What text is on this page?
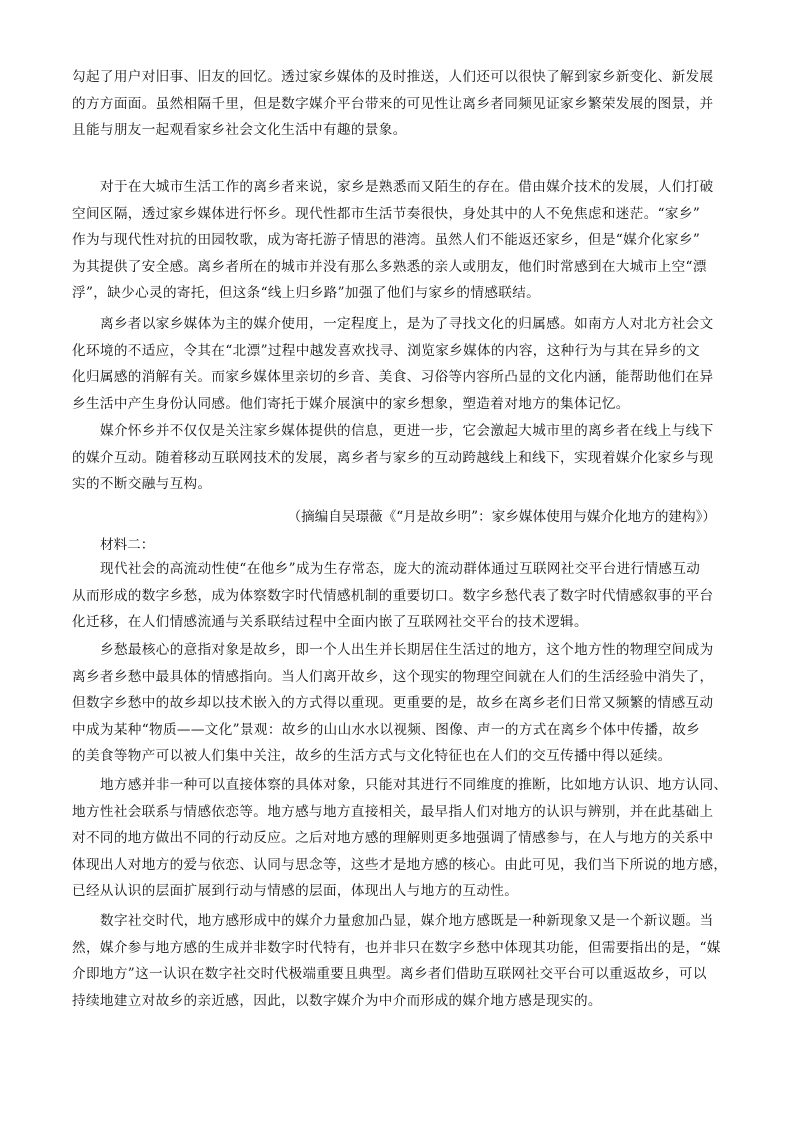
勾起了用户对旧事、旧友的回忆。透过家乡媒体的及时推送，人们还可以很快了解到家乡新变化、新发展
的方方面面。虽然相隔千里，但是数字媒介平台带来的可见性让离乡者同频见证家乡繁荣发展的图景，并
且能与朋友一起观看家乡社会文化生活中有趣的景象。
对于在大城市生活工作的离乡者来说，家乡是熟悉而又陌生的存在。借由媒介技术的发展，人们打破
空间区隔，透过家乡媒体进行怀乡。现代性都市生活节奏很快，身处其中的人不免焦虑和迷茫。“家乡”
作为与现代性对抗的田园牧歌，成为寄托游子情思的港湾。虽然人们不能返还家乡，但是“媒介化家乡”
为其提供了安全感。离乡者所在的城市并没有那么多熟悉的亲人或朋友，他们时常感到在大城市上空“漂
浮”，缺少心灵的寄托，但这条“线上归乡路”加强了他们与家乡的情感联结。
离乡者以家乡媒体为主的媒介使用，一定程度上，是为了寻找文化的归属感。如南方人对北方社会文
化环境的不适应，令其在“北漂”过程中越发喜欢找寻、浏览家乡媒体的内容，这种行为与其在异乡的文
化归属感的消解有关。而家乡媒体里亲切的乡音、美食、习俗等内容所凸显的文化内涵，能帮助他们在异
乡生活中产生身份认同感。他们寄托于媒介展演中的家乡想象，塑造着对地方的集体记忆。
媒介怀乡并不仅仅是关注家乡媒体提供的信息，更进一步，它会激起大城市里的离乡者在线上与线下
的媒介互动。随着移动互联网技术的发展，离乡者与家乡的互动跨越线上和线下，实现着媒介化家乡与现
实的不断交融与互构。
（摘编自吴璟薇《“月是故乡明”：家乡媒体使用与媒介化地方的建构》）
材料二：
现代社会的高流动性使“在他乡”成为生存常态，庞大的流动群体通过互联网社交平台进行情感互动
从而形成的数字乡愁，成为体察数字时代情感机制的重要切口。数字乡愁代表了数字时代情感叙事的平台
化迁移，在人们情感流通与关系联结过程中全面内嵌了互联网社交平台的技术逻辑。
乡愁最核心的意指对象是故乡，即一个人出生并长期居住生活过的地方，这个地方性的物理空间成为
离乡者乡愁中最具体的情感指向。当人们离开故乡，这个现实的物理空间就在人们的生活经验中消失了，
但数字乡愁中的故乡却以技术嵌入的方式得以重现。更重要的是，故乡在离乡老们日常又频繁的情感互动
中成为某种“物质——文化”景观：故乡的山山水水以视频、图像、声一的方式在离乡个体中传播，故乡
的美食等物产可以被人们集中关注，故乡的生活方式与文化特征也在人们的交互传播中得以延续。
地方感并非一种可以直接体察的具体对象，只能对其进行不同维度的推断，比如地方认识、地方认同、
地方性社会联系与情感依恋等。地方感与地方直接相关，最早指人们对地方的认识与辨别，并在此基础上
对不同的地方做出不同的行动反应。之后对地方感的理解则更多地强调了情感参与，在人与地方的关系中
体现出人对地方的爱与依恋、认同与思念等，这些才是地方感的核心。由此可见，我们当下所说的地方感，
已经从认识的层面扩展到行动与情感的层面，体现出人与地方的互动性。
数字社交时代，地方感形成中的媒介力量愈加凸显，媒介地方感既是一种新现象又是一个新议题。当
然，媒介参与地方感的生成并非数字时代特有，也并非只在数字乡愁中体现其功能，但需要指出的是，“媒
介即地方”这一认识在数字社交时代极端重要且典型。离乡者们借助互联网社交平台可以重返故乡，可以
持续地建立对故乡的亲近感，因此，以数字媒介为中介而形成的媒介地方感是现实的。
